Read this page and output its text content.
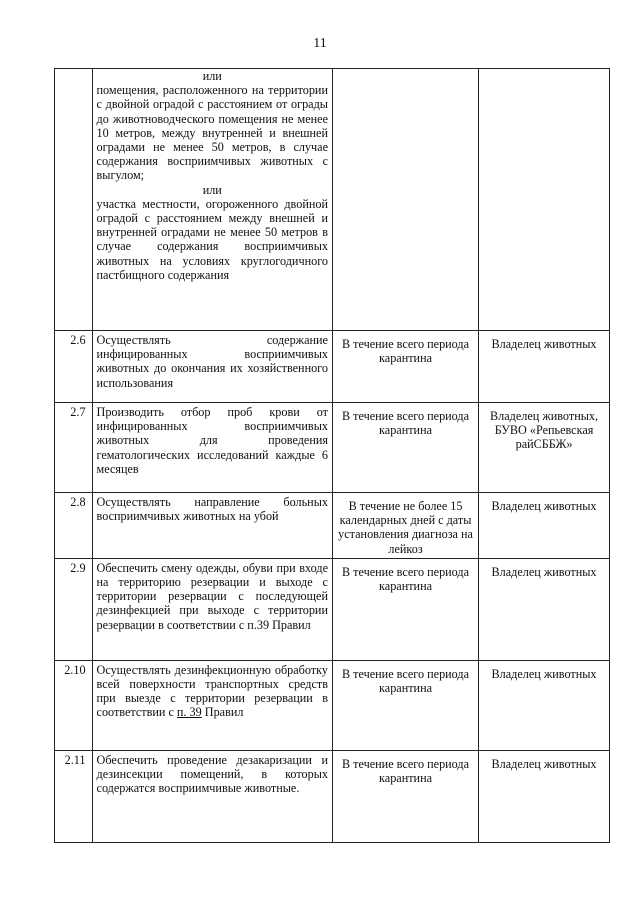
11

	или
помещения, расположенного на территории с двойной оградой с расстоянием от ограды до животноводческого помещения не менее 10 метров, между внутренней и внешней оградами не менее 50 метров, в случае содержания восприимчивых животных с выгулом;
или
участка местности, огороженного двойной оградой с расстоянием между внешней и внутренней оградами не менее 50 метров в случае содержания восприимчивых животных на условиях круглогодичного пастбищного содержания		

2.6	Осуществлять содержание инфицированных восприимчивых животных до окончания их хозяйственного использования	В течение всего периода карантина	Владелец животных
2.7	Производить отбор проб крови от инфицированных восприимчивых животных для проведения гематологических исследований каждые 6 месяцев	В течение всего периода карантина	Владелец животных, БУВО «Репьевская райСББЖ»
2.8	Осуществлять направление больных восприимчивых животных на убой	В течение не более 15 календарных дней с даты установления диагноза на лейкоз	Владелец животных
2.9	Обеспечить смену одежды, обуви при входе на территорию резервации и выходе с территории резервации с последующей дезинфекцией при выходе с территории резервации в соответствии с п.39 Правил	В течение всего периода карантина	Владелец животных
2.10	Осуществлять дезинфекционную обработку всей поверхности транспортных средств при выезде с территории резервации в соответствии с п. 39 Правил	В течение всего периода карантина	Владелец животных
2.11	Обеспечить проведение дезакаризации и дезинсекции помещений, в которых содержатся восприимчивые животные.	В течение всего периода карантина	Владелец животных
